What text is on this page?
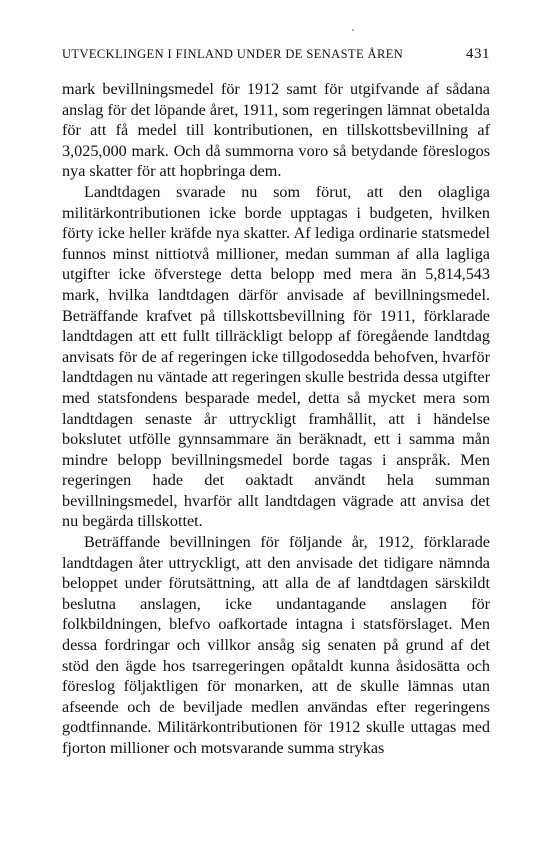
UTVECKLINGEN I FINLAND UNDER DE SENASTE ÅREN	431

mark bevillningsmedel för 1912 samt för utgifvande af sådana anslag för det löpande året, 1911, som regeringen lämnat obetalda för att få medel till kontributionen, en tillskottsbevillning af 3,025,000 mark. Och då summorna voro så betydande föreslogos nya skatter för att hopbringa dem.

Landtdagen svarade nu som förut, att den olagliga militärkontributionen icke borde upptagas i budgeten, hvilken förty icke heller kräfde nya skatter. Af lediga ordinarie statsmedel funnos minst nittiotvå millioner, medan summan af alla lagliga utgifter icke öfverstege detta belopp med mera än 5,814,543 mark, hvilka landtdagen därför anvisade af bevillningsmedel. Beträffande krafvet på tillskottsbevillning för 1911, förklarade landtdagen att ett fullt tillräckligt belopp af föregående landtdag anvisats för de af regeringen icke tillgodosedda behofven, hvarför landtdagen nu väntade att regeringen skulle bestrida dessa utgifter med statsfondens besparade medel, detta så mycket mera som landtdagen senaste år uttryckligt framhållit, att i händelse bokslutet utfölle gynnsammare än beräknadt, ett i samma mån mindre belopp bevillningsmedel borde tagas i anspråk. Men regeringen hade det oaktadt användt hela summan bevillningsmedel, hvarför allt landtdagen vägrade att anvisa det nu begärda tillskottet.

Beträffande bevillningen för följande år, 1912, förklarade landtdagen åter uttryckligt, att den anvisade det tidigare nämnda beloppet under förutsättning, att alla de af landtdagen särskildt beslutna anslagen, icke undantagande anslagen för folkbildningen, blefvo oafkortade intagna i statsförslaget. Men dessa fordringar och villkor ansåg sig senaten på grund af det stöd den ägde hos tsarregeringen opåtaldt kunna åsidosätta och föreslog följaktligen för monarken, att de skulle lämnas utan afseende och de beviljade medlen användas efter regeringens godtfinnande. Militärkontributionen för 1912 skulle uttagas med fjorton millioner och motsvarande summa strykas
